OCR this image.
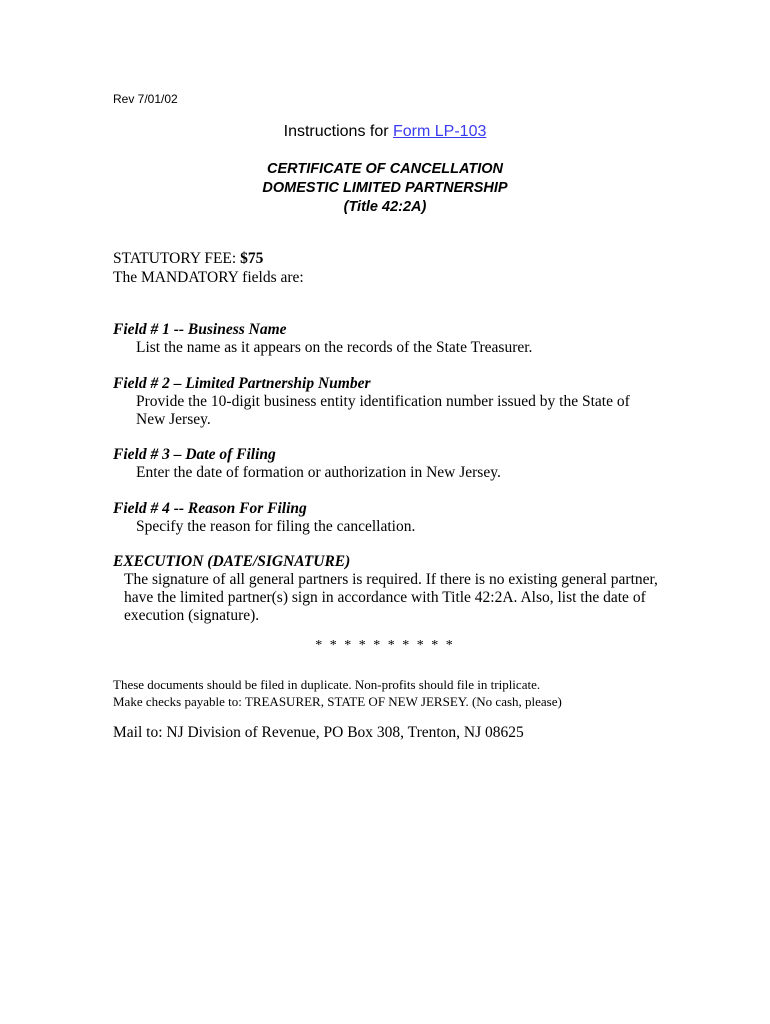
Rev 7/01/02
Instructions for Form LP-103
CERTIFICATE OF CANCELLATION
DOMESTIC LIMITED PARTNERSHIP
(Title 42:2A)
STATUTORY FEE: $75
The MANDATORY fields are:
Field # 1 -- Business Name
List the name as it appears on the records of the State Treasurer.
Field # 2 – Limited Partnership Number
Provide the 10-digit business entity identification number issued by the State of New Jersey.
Field # 3 – Date of Filing
Enter the date of formation or authorization in New Jersey.
Field # 4 -- Reason For Filing
Specify the reason for filing the cancellation.
EXECUTION (DATE/SIGNATURE)
The signature of all general partners is required. If there is no existing general partner, have the limited partner(s) sign in accordance with Title 42:2A. Also, list the date of execution (signature).
* * * * * * * * * *
These documents should be filed in duplicate. Non-profits should file in triplicate.
Make checks payable to: TREASURER, STATE OF NEW JERSEY. (No cash, please)
Mail to: NJ Division of Revenue, PO Box 308, Trenton, NJ 08625
